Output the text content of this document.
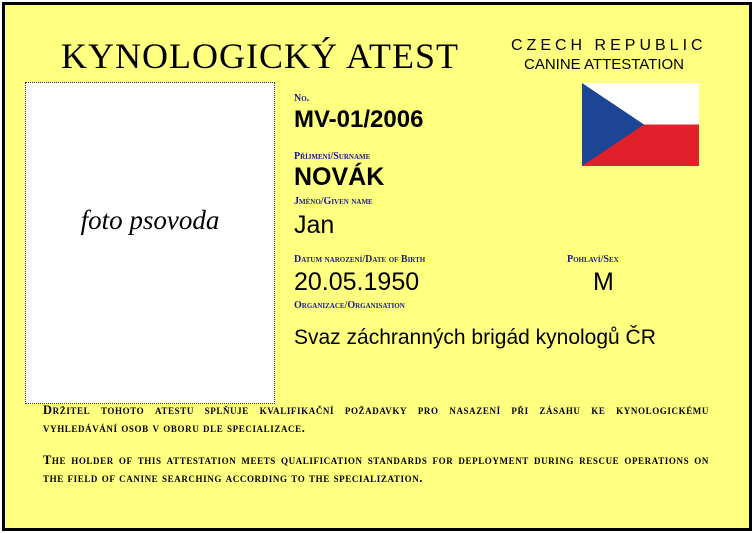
KYNOLOGICKÝ ATEST	CZECH REPUBLIC
CANINE ATTESTATION
foto psovoda
No.
MV-01/2006
Příjmení/Surname
NOVÁK
Jméno/Given name
Jan
Datum narození/Date of Birth
20.05.1950
Pohlaví/Sex
M
Organizace/Organisation
Svaz záchranných brigád kynologů ČR
Držitel tohoto atestu splňuje kvalifikační požadavky pro nasazení při zásahu ke kynologickému vyhledávání osob v oboru dle specializace.
The holder of this attestation meets qualification standards for deployment during rescue operations on the field of canine searching according to the specialization.
